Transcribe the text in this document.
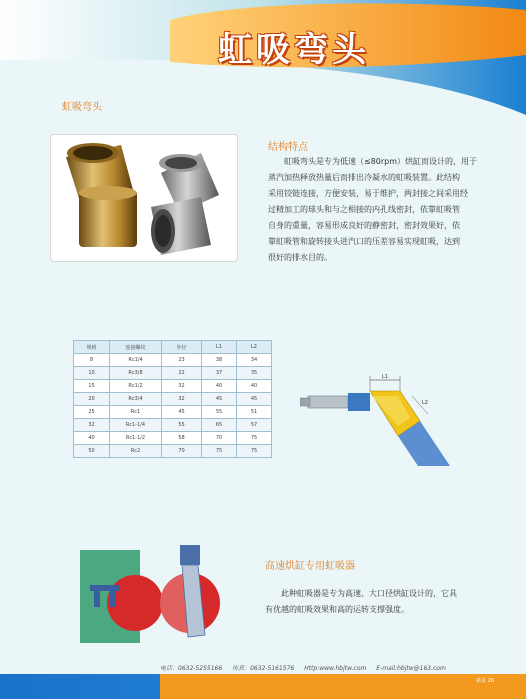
虹吸弯头
虹吸弯头
结构特点
虹吸弯头是专为低速（≤80rpm）烘缸而设计的，用于
蒸汽加热释放热量后而排出冷凝水的虹吸装置。此结构
采用铰链连接，方便安装，易于维护，两封接之间采用经
过精加工的球头和与之相接的内孔线密封，依靠虹吸管
自身的重量，容易形成良好的静密封，密封效果好，依
靠虹吸管和旋转接头进汽口的压差容易实现虹吸，达到
很好的排水目的。
规格	连接螺纹	外径	L1	L2
8	Rc1/4	23	38	34
10	Rc3/8	22	37	35
15	Rc1/2	32	40	40
20	Rc3/4	32	45	45
25	Rc1	45	55	51
32	Rc1-1/4	55	65	57
40	Rc1-1/2	58	70	75
50	Rc2	70	75	75
L1
L2
高速烘缸专用虹吸器
此种虹吸器是专为高速、大口径烘缸设计的，它具
有优越的虹吸效果和高的运转支撑强度。
电话：0632-5255166 传真：0632-5161576 Http:www.hbjtw.com E-mail:hbjtw@163.com
第页 26
